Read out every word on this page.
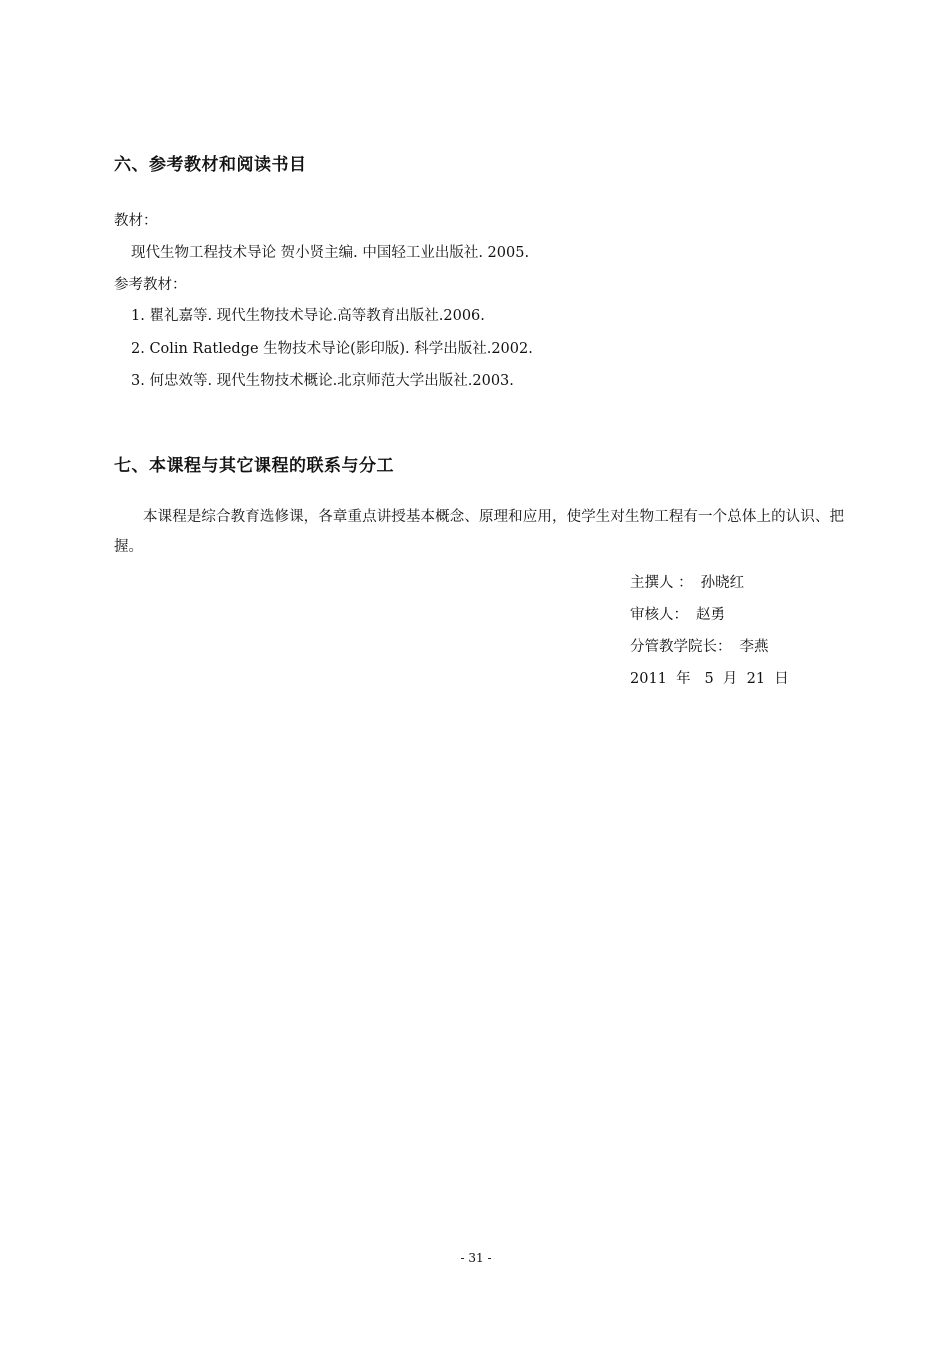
六、参考教材和阅读书目
教材：
现代生物工程技术导论 贺小贤主编. 中国轻工业出版社. 2005.
参考教材：
1. 瞿礼嘉等. 现代生物技术导论.高等教育出版社.2006.
2. Colin Ratledge 生物技术导论(影印版). 科学出版社.2002.
3. 何忠效等. 现代生物技术概论.北京师范大学出版社.2003.
七、本课程与其它课程的联系与分工
本课程是综合教育选修课，各章重点讲授基本概念、原理和应用，使学生对生物工程有一个总体上的认识、把握。
主撰人 ： 孙晓红
审核人： 赵勇
分管教学院长： 李燕
2011  年   5  月  21  日
- 31 -
